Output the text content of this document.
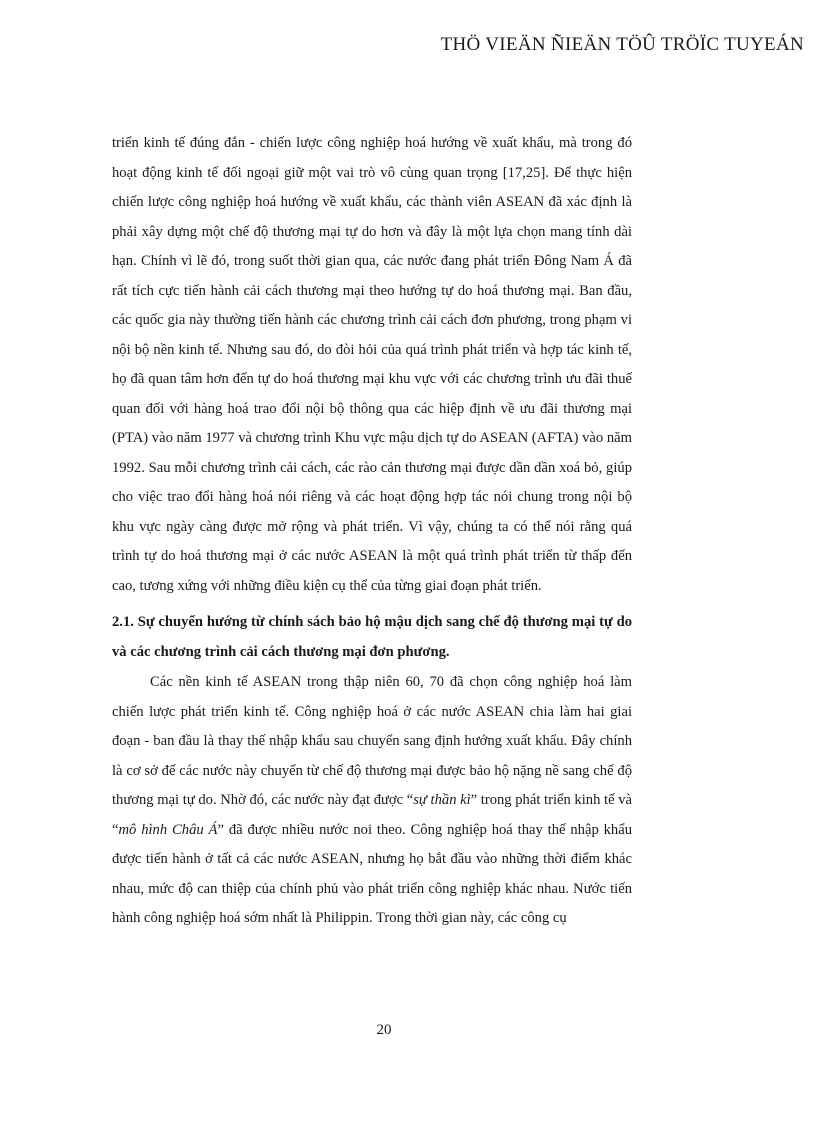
THÖ VIEÄN ÑIEÄN TÖÛ TRÖÏC TUYEÁN

triển kinh tế đúng đắn - chiến lược công nghiệp hoá hướng về xuất khẩu, mà trong đó hoạt động kinh tế đối ngoại giữ một vai trò vô cùng quan trọng [17,25]. Để thực hiện chiến lược công nghiệp hoá hướng về xuất khẩu, các thành viên ASEAN đã xác định là phải xây dựng một chế độ thương mại tự do hơn và đây là một lựa chọn mang tính dài hạn. Chính vì lẽ đó, trong suốt thời gian qua, các nước đang phát triển Đông Nam Á đã rất tích cực tiến hành cải cách thương mại theo hướng tự do hoá thương mại. Ban đầu, các quốc gia này thường tiến hành các chương trình cải cách đơn phương, trong phạm vi nội bộ nền kinh tế. Nhưng sau đó, do đòi hỏi của quá trình phát triển và hợp tác kinh tế, họ đã quan tâm hơn đến tự do hoá thương mại khu vực với các chương trình ưu đãi thuế quan đối với hàng hoá trao đổi nội bộ thông qua các hiệp định về ưu đãi thương mại (PTA) vào năm 1977 và chương trình Khu vực mậu dịch tự do ASEAN (AFTA) vào năm 1992. Sau mỗi chương trình cải cách, các rào cản thương mại được dần dần xoá bỏ, giúp cho việc trao đổi hàng hoá nói riêng và các hoạt động hợp tác nói chung trong nội bộ khu vực ngày càng được mở rộng và phát triển. Vì vậy, chúng ta có thể nói rằng quá trình tự do hoá thương mại ở các nước ASEAN là một quá trình phát triển từ thấp đến cao, tương xứng với những điều kiện cụ thể của từng giai đoạn phát triển.

2.1. Sự chuyển hướng từ chính sách bảo hộ mậu dịch sang chế độ thương mại tự do và các chương trình cải cách thương mại đơn phương.

Các nền kinh tế ASEAN trong thập niên 60, 70 đã chọn công nghiệp hoá làm chiến lược phát triển kinh tế. Công nghiệp hoá ở các nước ASEAN chia làm hai giai đoạn - ban đầu là thay thế nhập khẩu sau chuyển sang định hướng xuất khẩu. Đây chính là cơ sở để các nước này chuyển từ chế độ thương mại được bảo hộ nặng nề sang chế độ thương mại tự do. Nhờ đó, các nước này đạt được “sự thần kì” trong phát triển kinh tế và “mô hình Châu Á” đã được nhiều nước noi theo. Công nghiệp hoá thay thế nhập khẩu được tiến hành ở tất cả các nước ASEAN, nhưng họ bắt đầu vào những thời điểm khác nhau, mức độ can thiệp của chính phủ vào phát triển công nghiệp khác nhau. Nước tiến hành công nghiệp hoá sớm nhất là Philippin. Trong thời gian này, các công cụ

20
